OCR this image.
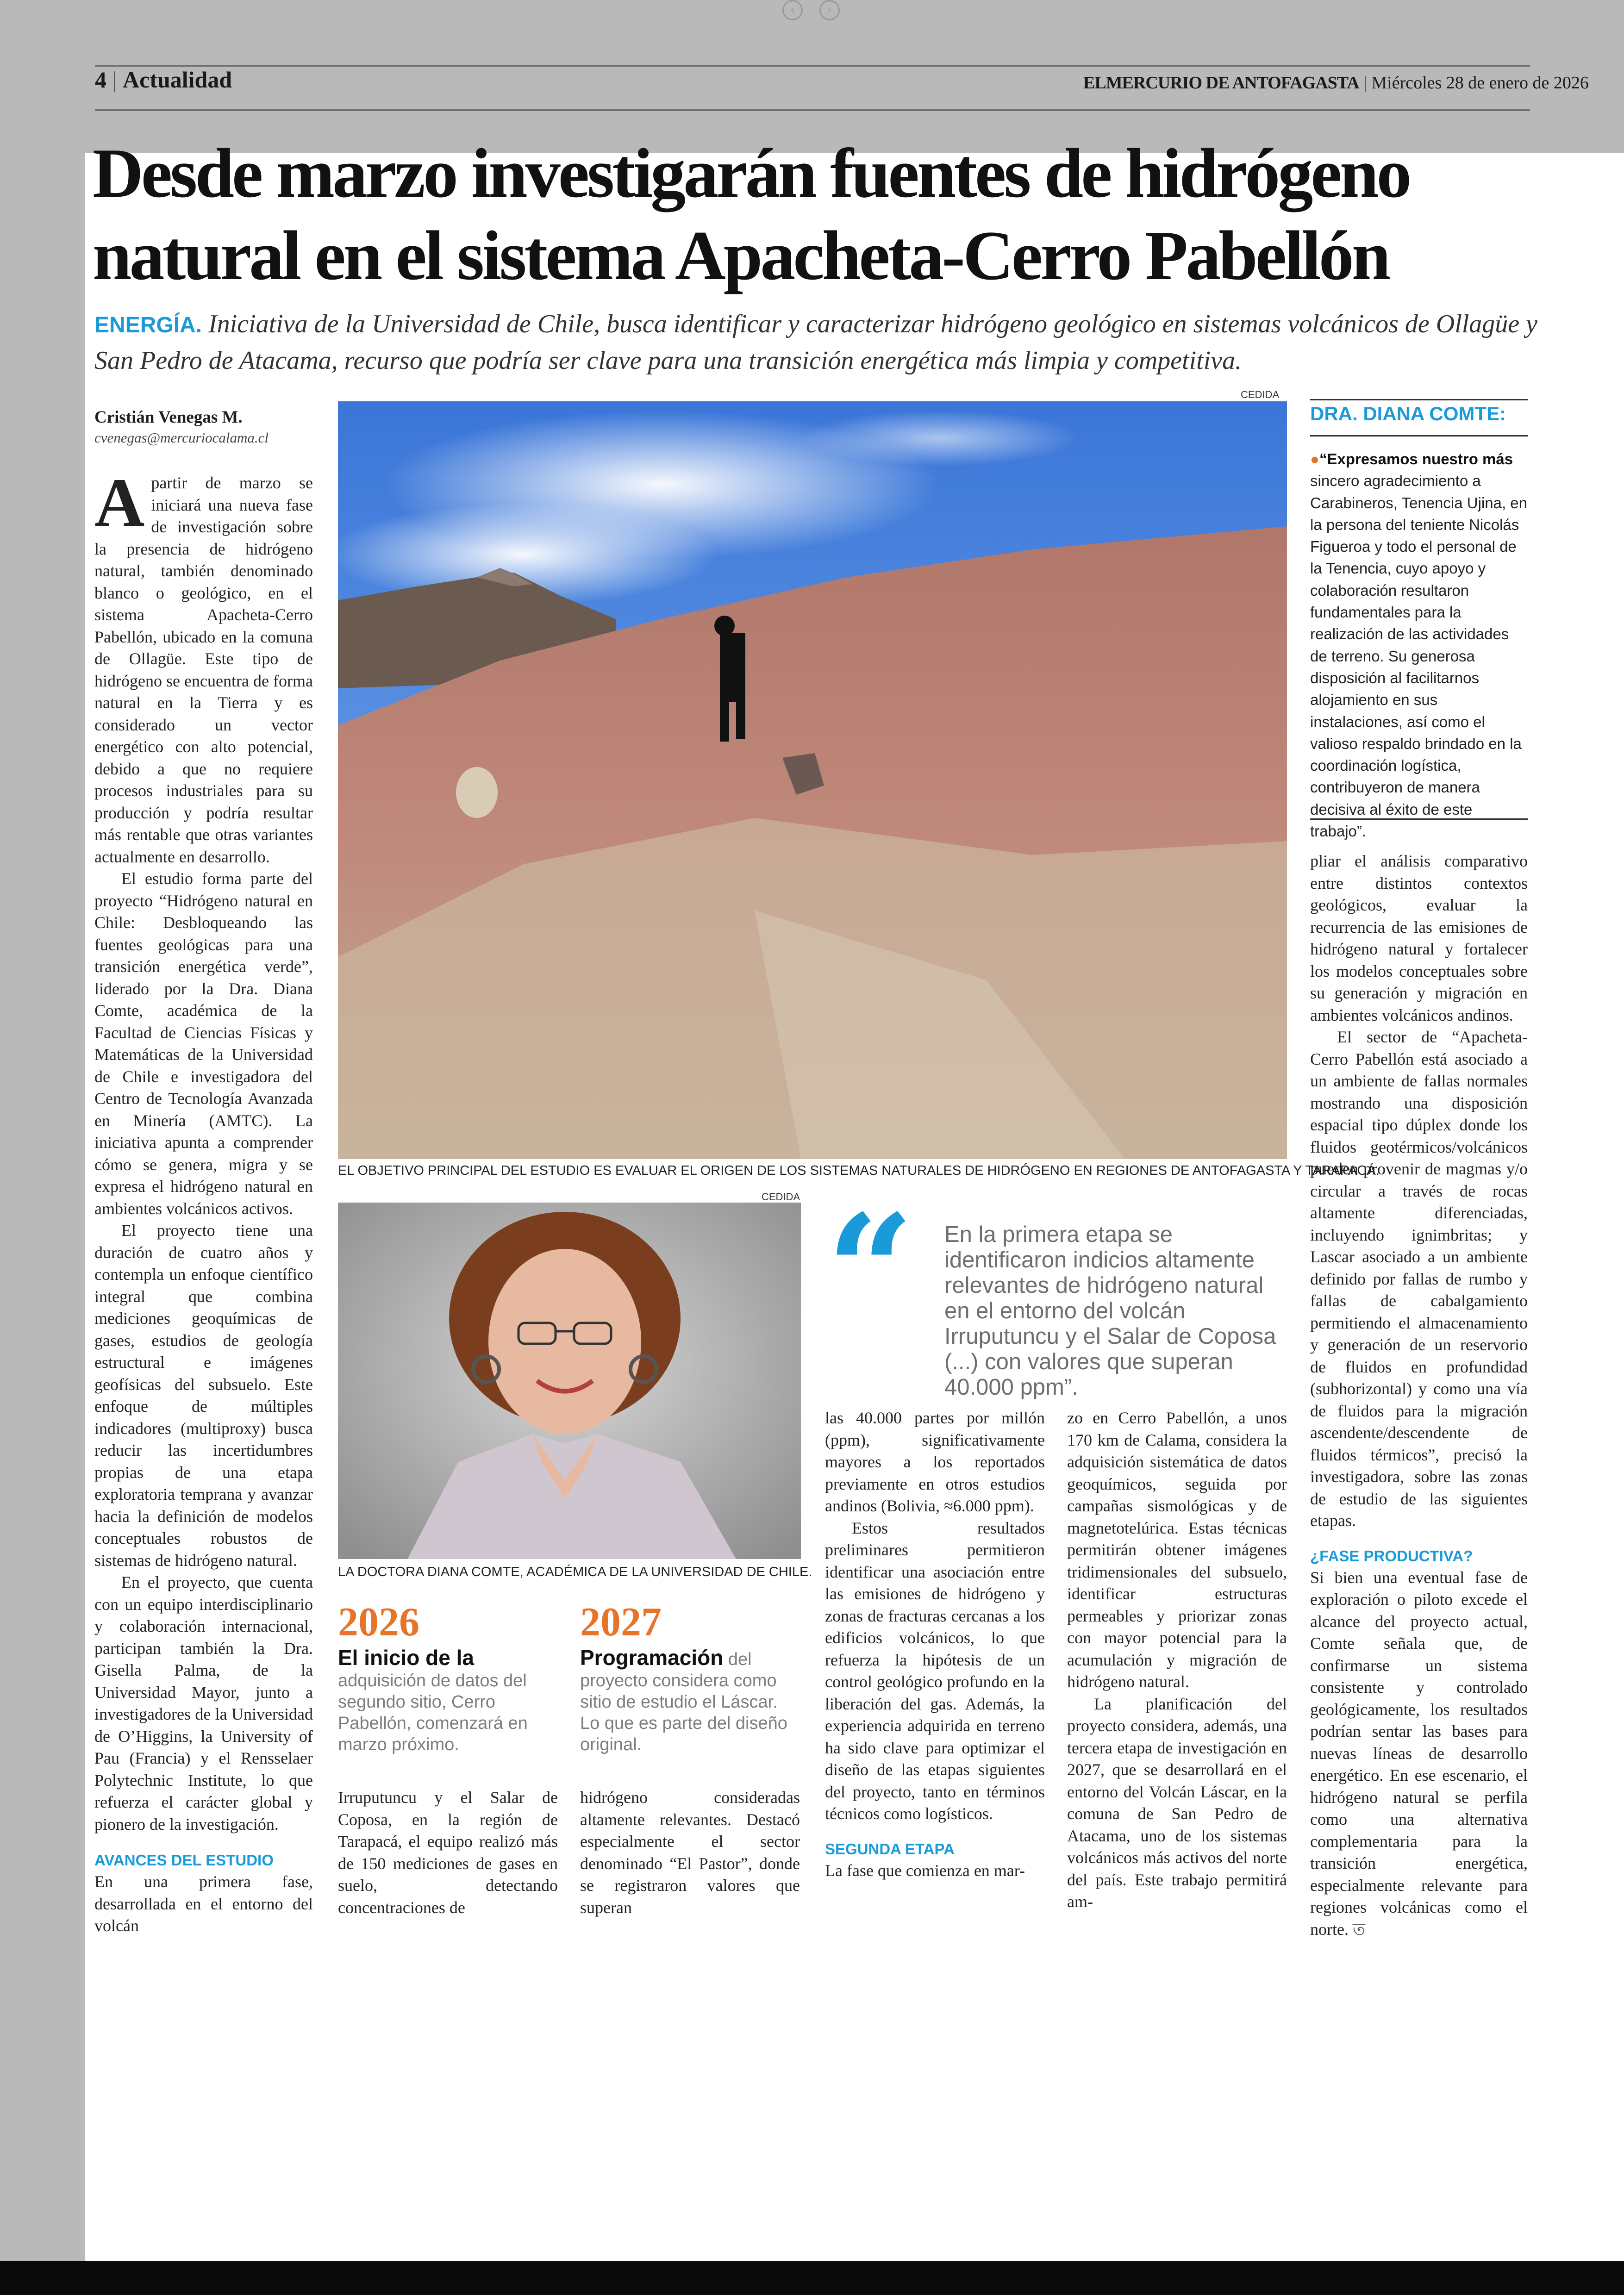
‹	›
4 | Actualidad	ELMERCURIO DE ANTOFAGASTA | Miércoles 28 de enero de 2026
Desde marzo investigarán fuentes de hidrógeno
natural en el sistema Apacheta-Cerro Pabellón
ENERGÍA. Iniciativa de la Universidad de Chile, busca identificar y caracterizar hidrógeno geológico en sistemas volcánicos de Ollagüe y San Pedro de Atacama, recurso que podría ser clave para una transición energética más limpia y competitiva.
Cristián Venegas M.
cvenegas@mercuriocalama.cl

Apartir de marzo se iniciará una nueva fase de investigación sobre la presencia de hidrógeno natural, también denominado blanco o geológico, en el sistema Apacheta-Cerro Pabellón, ubicado en la comuna de Ollagüe. Este tipo de hidrógeno se encuentra de forma natural en la Tierra y es considerado un vector energético con alto potencial, debido a que no requiere procesos industriales para su producción y podría resultar más rentable que otras variantes actualmente en desarrollo.

El estudio forma parte del proyecto “Hidrógeno natural en Chile: Desbloqueando las fuentes geológicas para una transición energética verde”, liderado por la Dra. Diana Comte, académica de la Facultad de Ciencias Físicas y Matemáticas de la Universidad de Chile e investigadora del Centro de Tecnología Avanzada en Minería (AMTC). La iniciativa apunta a comprender cómo se genera, migra y se expresa el hidrógeno natural en ambientes volcánicos activos.

El proyecto tiene una duración de cuatro años y contempla un enfoque científico integral que combina mediciones geoquímicas de gases, estudios de geología estructural e imágenes geofísicas del subsuelo. Este enfoque de múltiples indicadores (multiproxy) busca reducir las incertidumbres propias de una etapa exploratoria temprana y avanzar hacia la definición de modelos conceptuales robustos de sistemas de hidrógeno natural.

En el proyecto, que cuenta con un equipo interdisciplinario y colaboración internacional, participan también la Dra. Gisella Palma, de la Universidad Mayor, junto a investigadores de la Universidad de O’Higgins, la University of Pau (Francia) y el Rensselaer Polytechnic Institute, lo que refuerza el carácter global y pionero de la investigación.

AVANCES DEL ESTUDIO

En una primera fase, desarrollada en el entorno del volcán

CEDIDA
EL OBJETIVO PRINCIPAL DEL ESTUDIO ES EVALUAR EL ORIGEN DE LOS SISTEMAS NATURALES DE HIDRÓGENO EN REGIONES DE ANTOFAGASTA Y TARAPACÁ.
CEDIDA
LA DOCTORA DIANA COMTE, ACADÉMICA DE LA UNIVERSIDAD DE CHILE.
2026
El inicio de la adquisición de datos del segundo sitio, Cerro Pabellón, comenzará en marzo próximo.
2027
Programación del proyecto considera como sitio de estudio el Láscar. Lo que es parte del diseño original.

Irruputuncu y el Salar de Coposa, en la región de Tarapacá, el equipo realizó más de 150 mediciones de gases en suelo, detectando concentraciones de

hidrógeno consideradas altamente relevantes. Destacó especialmente el sector denominado “El Pastor”, donde se registraron valores que superan

“ En la primera etapa se identificaron indicios altamente relevantes de hidrógeno natural en el entorno del volcán Irruputuncu y el Salar de Coposa (...) con valores que superan 40.000 ppm”.

las 40.000 partes por millón (ppm), significativamente mayores a los reportados previamente en otros estudios andinos (Bolivia, ≈6.000 ppm).

Estos resultados preliminares permitieron identificar una asociación entre las emisiones de hidrógeno y zonas de fracturas cercanas a los edificios volcánicos, lo que refuerza la hipótesis de un control geológico profundo en la liberación del gas. Además, la experiencia adquirida en terreno ha sido clave para optimizar el diseño de las etapas siguientes del proyecto, tanto en términos técnicos como logísticos.

SEGUNDA ETAPA

La fase que comienza en mar-

zo en Cerro Pabellón, a unos 170 km de Calama, considera la adquisición sistemática de datos geoquímicos, seguida por campañas sismológicas y de magnetotelúrica. Estas técnicas permitirán obtener imágenes tridimensionales del subsuelo, identificar estructuras permeables y priorizar zonas con mayor potencial para la acumulación y migración de hidrógeno natural.

La planificación del proyecto considera, además, una tercera etapa de investigación en 2027, que se desarrollará en el entorno del Volcán Láscar, en la comuna de San Pedro de Atacama, uno de los sistemas volcánicos más activos del norte del país. Este trabajo permitirá am-

DRA. DIANA COMTE:
●“Expresamos nuestro más sincero agradecimiento a Carabineros, Tenencia Ujina, en la persona del teniente Nicolás Figueroa y todo el personal de la Tenencia, cuyo apoyo y colaboración resultaron fundamentales para la realización de las actividades de terreno. Su generosa disposición al facilitarnos alojamiento en sus instalaciones, así como el valioso respaldo brindado en la coordinación logística, contribuyeron de manera decisiva al éxito de este trabajo”.

pliar el análisis comparativo entre distintos contextos geológicos, evaluar la recurrencia de las emisiones de hidrógeno natural y fortalecer los modelos conceptuales sobre su generación y migración en ambientes volcánicos andinos.

El sector de “Apacheta-Cerro Pabellón está asociado a un ambiente de fallas normales mostrando una disposición espacial tipo dúplex donde los fluidos geotérmicos/volcánicos pueden provenir de magmas y/o circular a través de rocas altamente diferenciadas, incluyendo ignimbritas; y Lascar asociado a un ambiente definido por fallas de rumbo y fallas de cabalgamiento permitiendo el almacenamiento y generación de un reservorio de fluidos en profundidad (subhorizontal) y como una vía de fluidos para la migración ascendente/descendente de fluidos térmicos”, precisó la investigadora, sobre las zonas de estudio de las siguientes etapas.

¿FASE PRODUCTIVA?

Si bien una eventual fase de exploración o piloto excede el alcance del proyecto actual, Comte señala que, de confirmarse un sistema consistente y controlado geológicamente, los resultados podrían sentar las bases para nuevas líneas de desarrollo energético. En ese escenario, el hidrógeno natural se perfila como una alternativa complementaria para la transición energética, especialmente relevante para regiones volcánicas como el norte. ত
